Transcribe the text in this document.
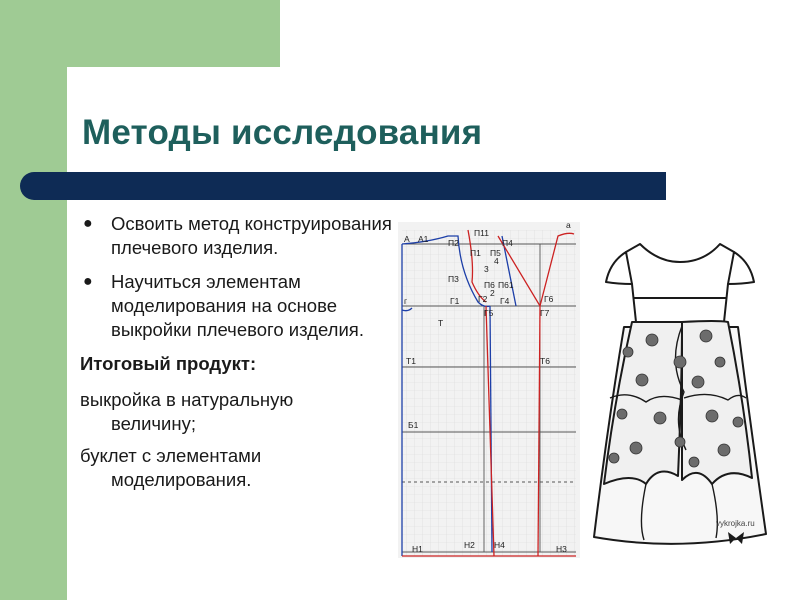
Методы исследования
● Освоить метод конструирования плечевого изделия.
● Научиться элементам моделирования на основе выкройки плечевого изделия.
Итоговый продукт:
выкройка в натуральную
величину;
буклет с элементами
моделирования.
А А1 П2
П11
П4
а
П1 П5
4
3
П3
П6 П61
2
г	Г1 Г2 Г4	Г6
Г5	Г7
Т
Т1	Т6
Б1
Н1	Н2 Н4	Н3
vykrojka.ru
